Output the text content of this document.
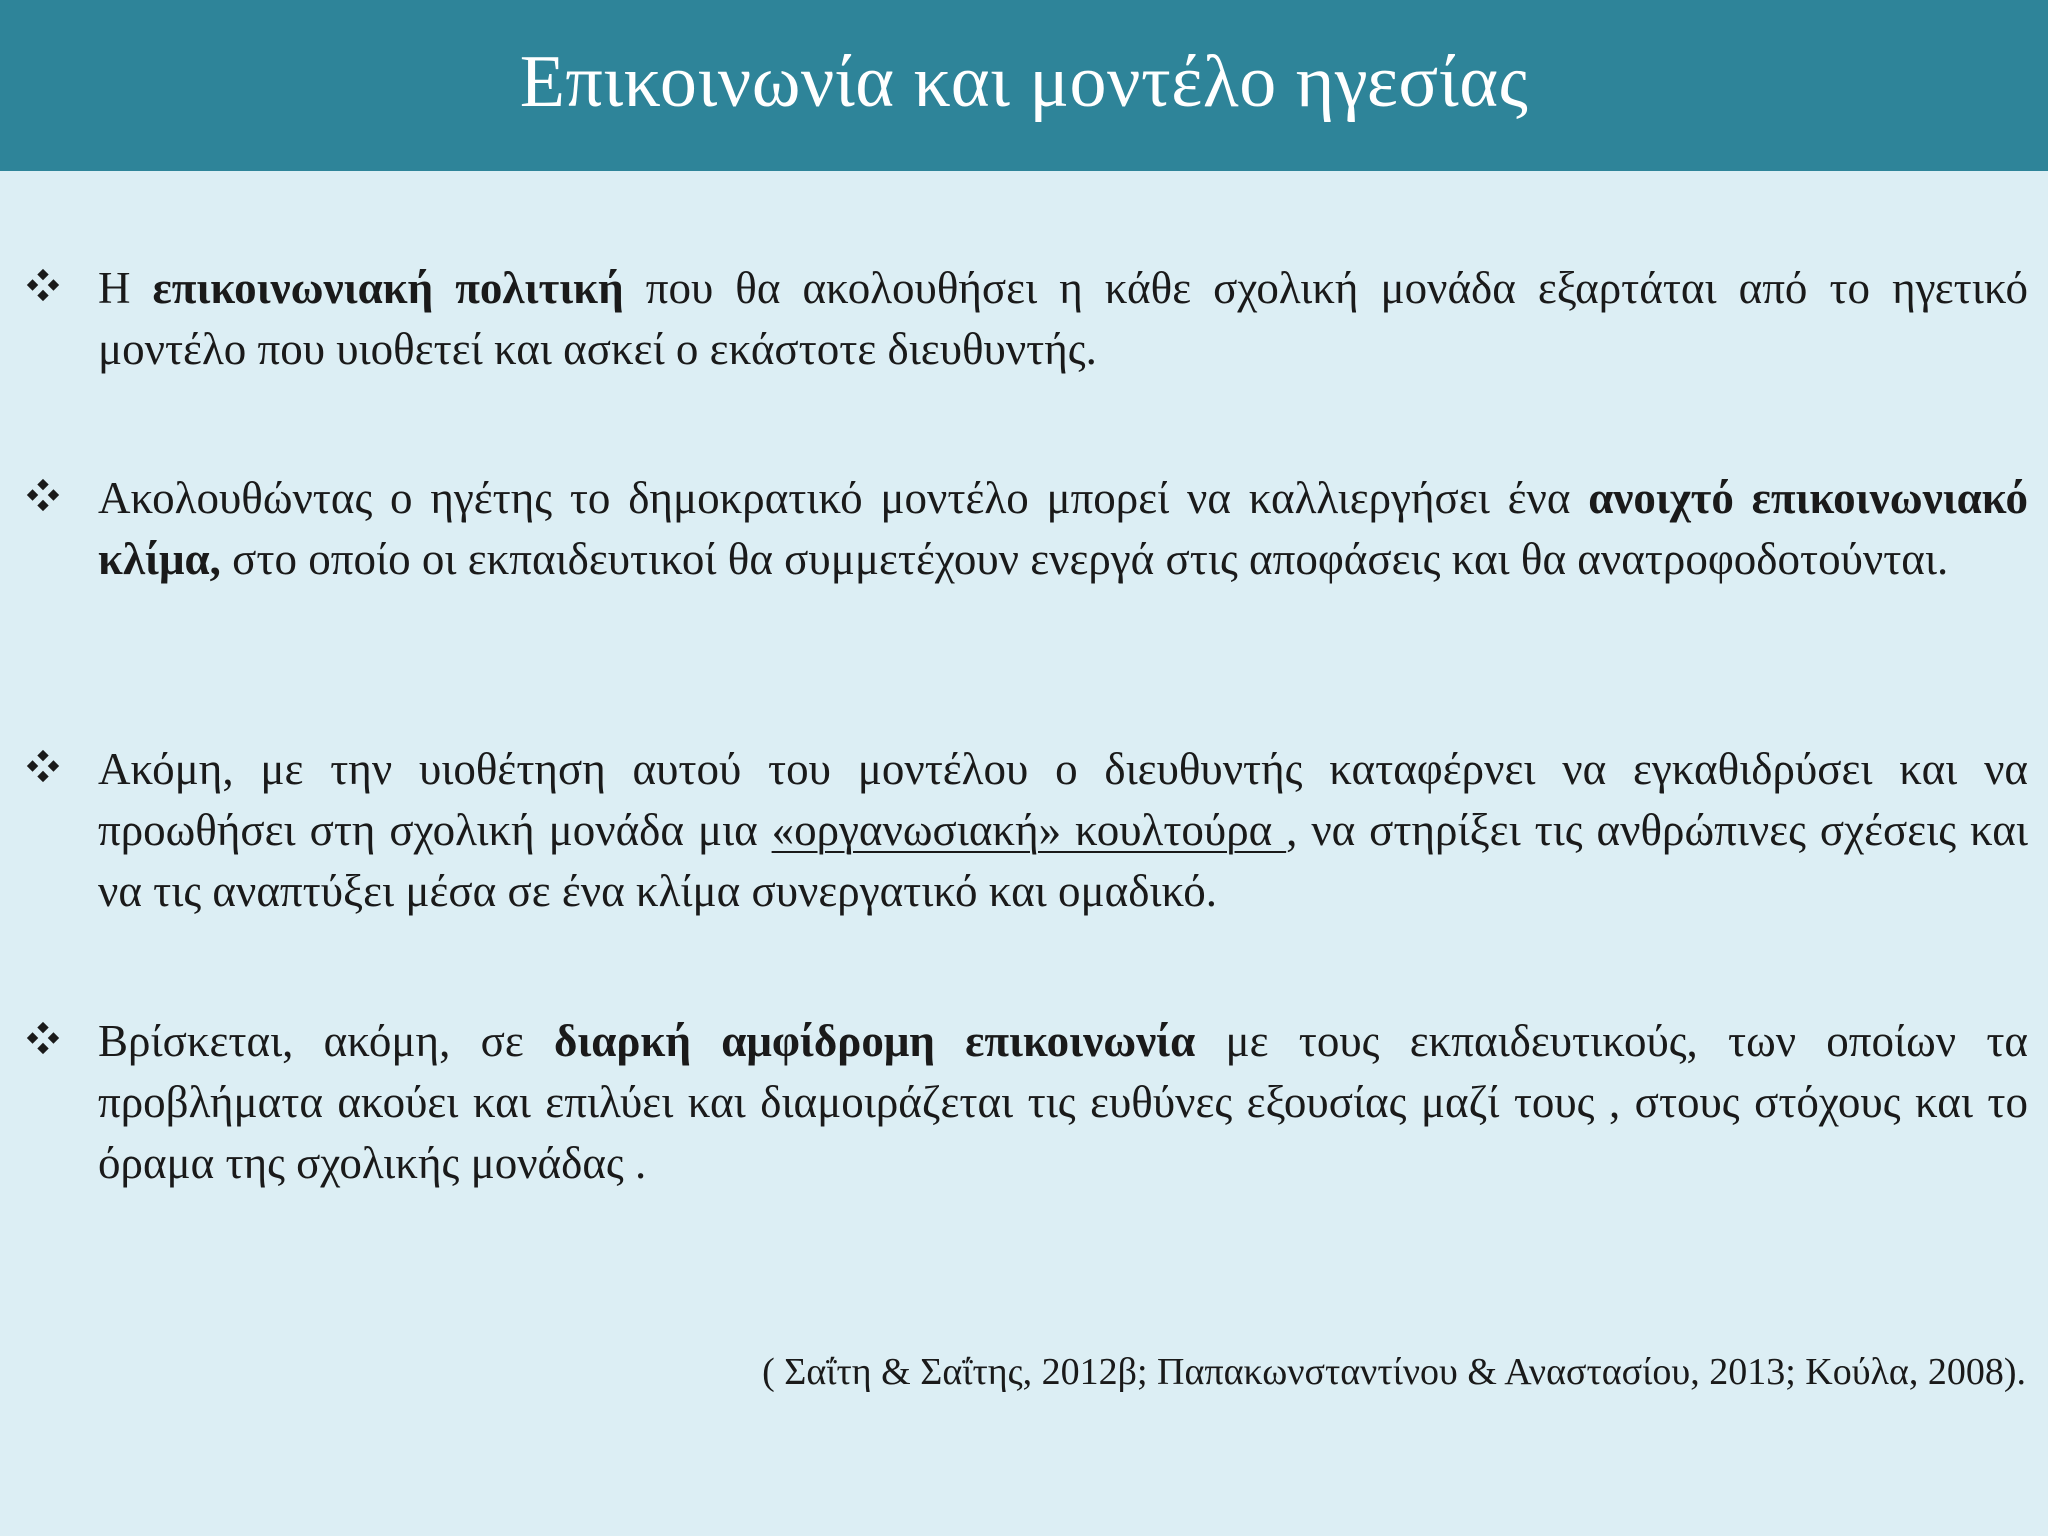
Επικοινωνία και μοντέλο ηγεσίας
Η επικοινωνιακή πολιτική που θα ακολουθήσει η κάθε σχολική μονάδα εξαρτάται από το ηγετικό μοντέλο που υιοθετεί και ασκεί ο εκάστοτε διευθυντής.
Ακολουθώντας ο ηγέτης το δημοκρατικό μοντέλο μπορεί να καλλιεργήσει ένα ανοιχτό επικοινωνιακό κλίμα, στο οποίο οι εκπαιδευτικοί θα συμμετέχουν ενεργά στις αποφάσεις και θα ανατροφοδοτούνται.
Ακόμη, με την υιοθέτηση αυτού του μοντέλου ο διευθυντής καταφέρνει να εγκαθιδρύσει και να προωθήσει στη σχολική μονάδα μια «οργανωσιακή» κουλτούρα , να στηρίξει τις ανθρώπινες σχέσεις και να τις αναπτύξει μέσα σε ένα κλίμα συνεργατικό και ομαδικό.
Βρίσκεται, ακόμη, σε διαρκή αμφίδρομη επικοινωνία με τους εκπαιδευτικούς, των οποίων τα προβλήματα ακούει και επιλύει και διαμοιράζεται τις ευθύνες εξουσίας μαζί τους , στους στόχους και το όραμα της σχολικής μονάδας .
( Σαΐτη & Σαΐτης, 2012β; Παπακωνσταντίνου & Αναστασίου, 2013; Κούλα, 2008).
